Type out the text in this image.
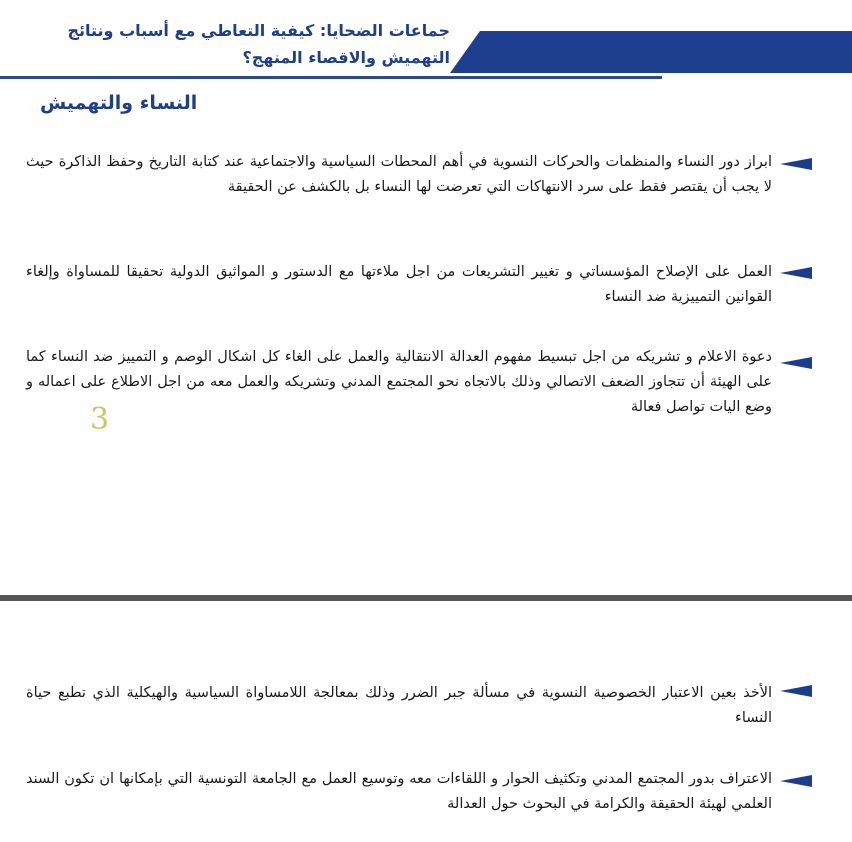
جماعات الضحايا: كيفية التعاطي مع أسباب ونتائج التهميش والاقصاء المنهج؟
النساء والتهميش
ابراز دور النساء والمنظمات والحركات النسوية في أهم المحطات السياسية والاجتماعية عند كتابة التاريخ وحفظ الذاكرة حيث لا يجب أن يقتصر فقط على سرد الانتهاكات التي تعرضت لها النساء بل بالكشف عن الحقيقة
العمل على الإصلاح المؤسساتي و تغيير التشريعات من اجل ملاءتها مع الدستور و المواثيق الدولية تحقيقا للمساواة وإلغاء القوانين التمييزية ضد النساء
دعوة الاعلام و تشريكه من اجل تبسيط مفهوم العدالة الانتقالية والعمل على الغاء كل اشكال الوصم و التمييز ضد النساء كما على الهيئة أن تتجاوز الضعف الاتصالي وذلك بالاتجاه نحو المجتمع المدني وتشريكه والعمل معه من اجل الاطلاع على اعماله و وضع اليات تواصل فعالة
3
الأخذ بعين الاعتبار الخصوصية النسوية في مسألة جبر الضرر وذلك بمعالجة اللامساواة السياسية والهيكلية الذي تطبع حياة النساء
الاعتراف بدور المجتمع المدني وتكثيف الحوار و اللقاءات معه وتوسيع العمل مع الجامعة التونسية التي بإمكانها ان تكون السند العلمي لهيئة الحقيقة والكرامة في البحوث حول العدالة
